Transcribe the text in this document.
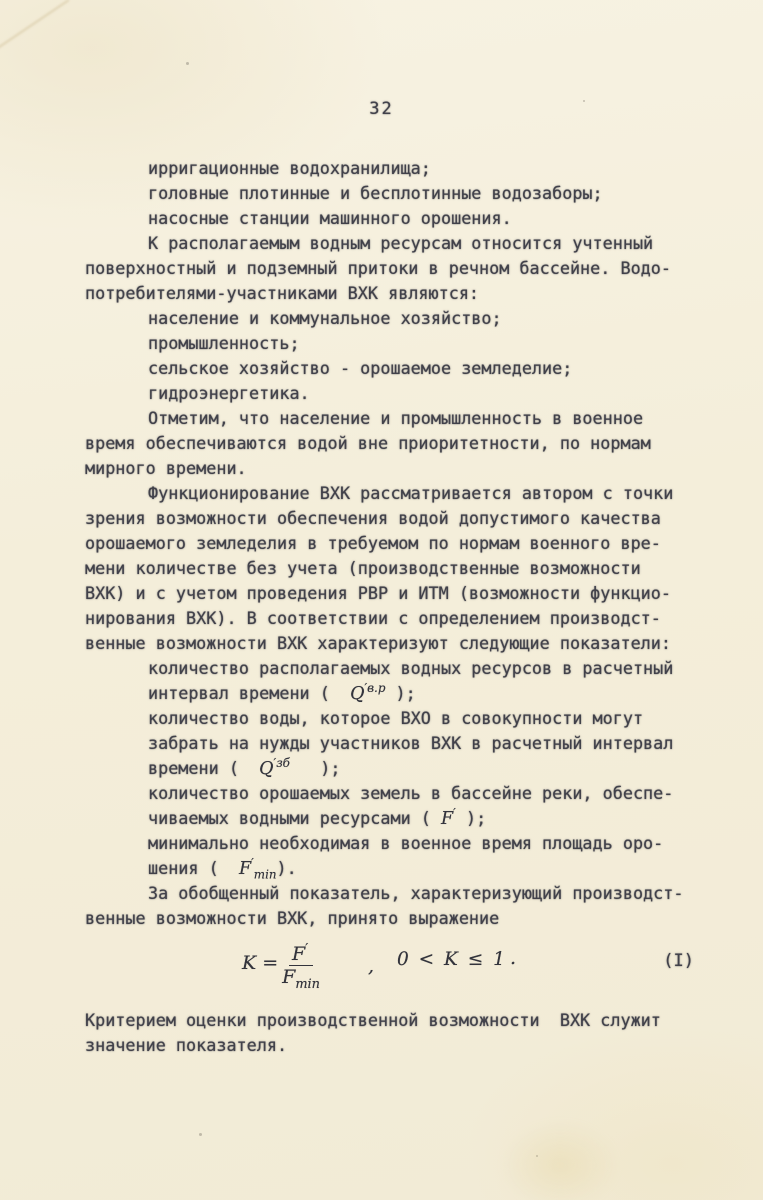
32
ирригационные водохранилища;
головные плотинные и бесплотинные водозаборы;
насосные станции машинного орошения.
К располагаемым водным ресурсам относится учтенный
поверхностный и подземный притоки в речном бассейне. Водо-
потребителями-участниками ВХК являются:
население и коммунальное хозяйство;
промышленность;
сельское хозяйство - орошаемое земледелие;
гидроэнергетика.
Отметим, что население и промышленность в военное
время обеспечиваются водой вне приоритетности, по нормам
мирного времени.
Функционирование ВХК рассматривается автором с точки
зрения возможности обеспечения водой допустимого качества
орошаемого земледелия в требуемом по нормам военного вре-
мени количестве без учета (производственные возможности
ВХК) и с учетом проведения РВР и ИТМ (возможности функцио-
нирования ВХК). В соответствии с определением производст-
венные возможности ВХК характеризуют следующие показатели:
количество располагаемых водных ресурсов в расчетный
интервал времени (  $Q^{'в.р}$ );
количество воды, которое ВХО в совокупности могут
забрать на нужды участников ВХК в расчетный интервал
времени (  $Q^{'зб}$   );
количество орошаемых земель в бассейне реки, обеспе-
чиваемых водными ресурсами ( F′ );
минимально необходимая в военное время площадь оро-
шения (  $F'_{min}$).
За обобщенный показатель, характеризующий производст-
венные возможности ВХК, принято выражение
$K = \frac{F'}{F_{min}}$	, 0 < K ≤ 1 .	(I)
Критерием оценки производственной возможности  ВХК служит
значение показателя.
